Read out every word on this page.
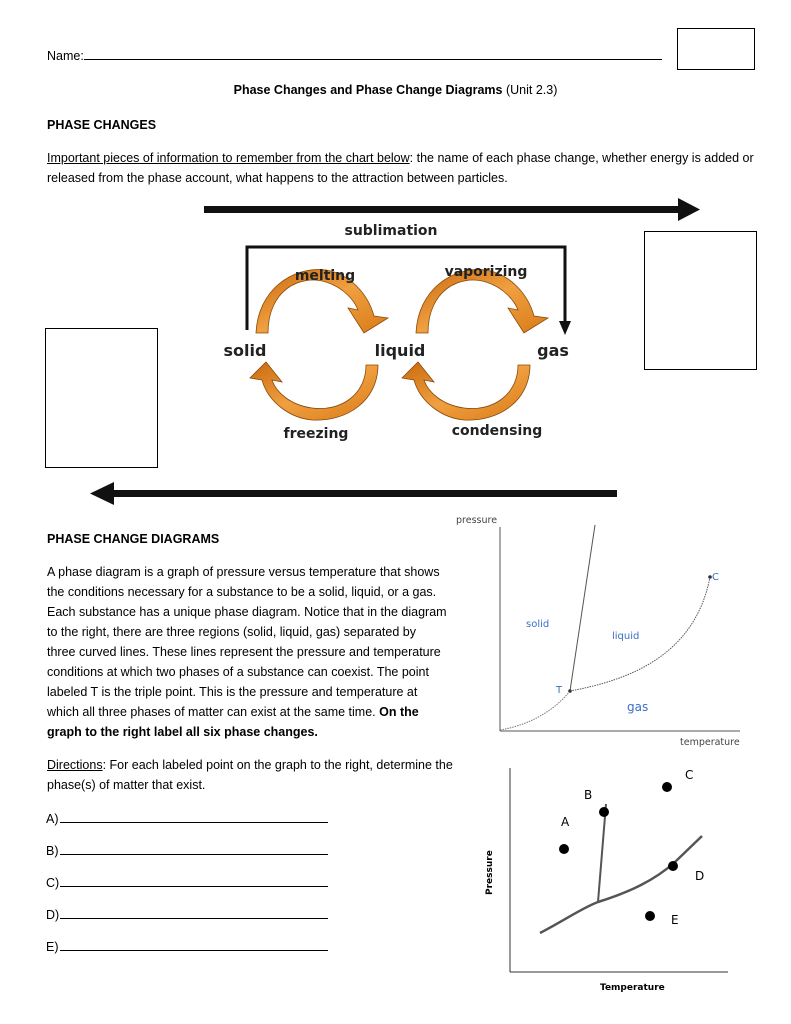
Name:
Phase Changes and Phase Change Diagrams (Unit 2.3)
PHASE CHANGES
Important pieces of information to remember from the chart below: the name of each phase change, whether energy is added or released from the phase account, what happens to the attraction between particles.
sublimation
melting	vaporizing
solid	liquid	gas
freezing	condensing
PHASE CHANGE DIAGRAMS
A phase diagram is a graph of pressure versus temperature that shows the conditions necessary for a substance to be a solid, liquid, or a gas. Each substance has a unique phase diagram. Notice that in the diagram to the right, there are three regions (solid, liquid, gas) separated by three curved lines. These lines represent the pressure and temperature conditions at which two phases of a substance can coexist. The point labeled T is the triple point. This is the pressure and temperature at which all three phases of matter can exist at the same time. On the graph to the right label all six phase changes.
Directions: For each labeled point on the graph to the right, determine the phase(s) of matter that exist.
A)
B)
C)
D)
E)
pressure
temperature
solid
liquid
gas
T
C
A
B
C
D
E
Pressure
Temperature
